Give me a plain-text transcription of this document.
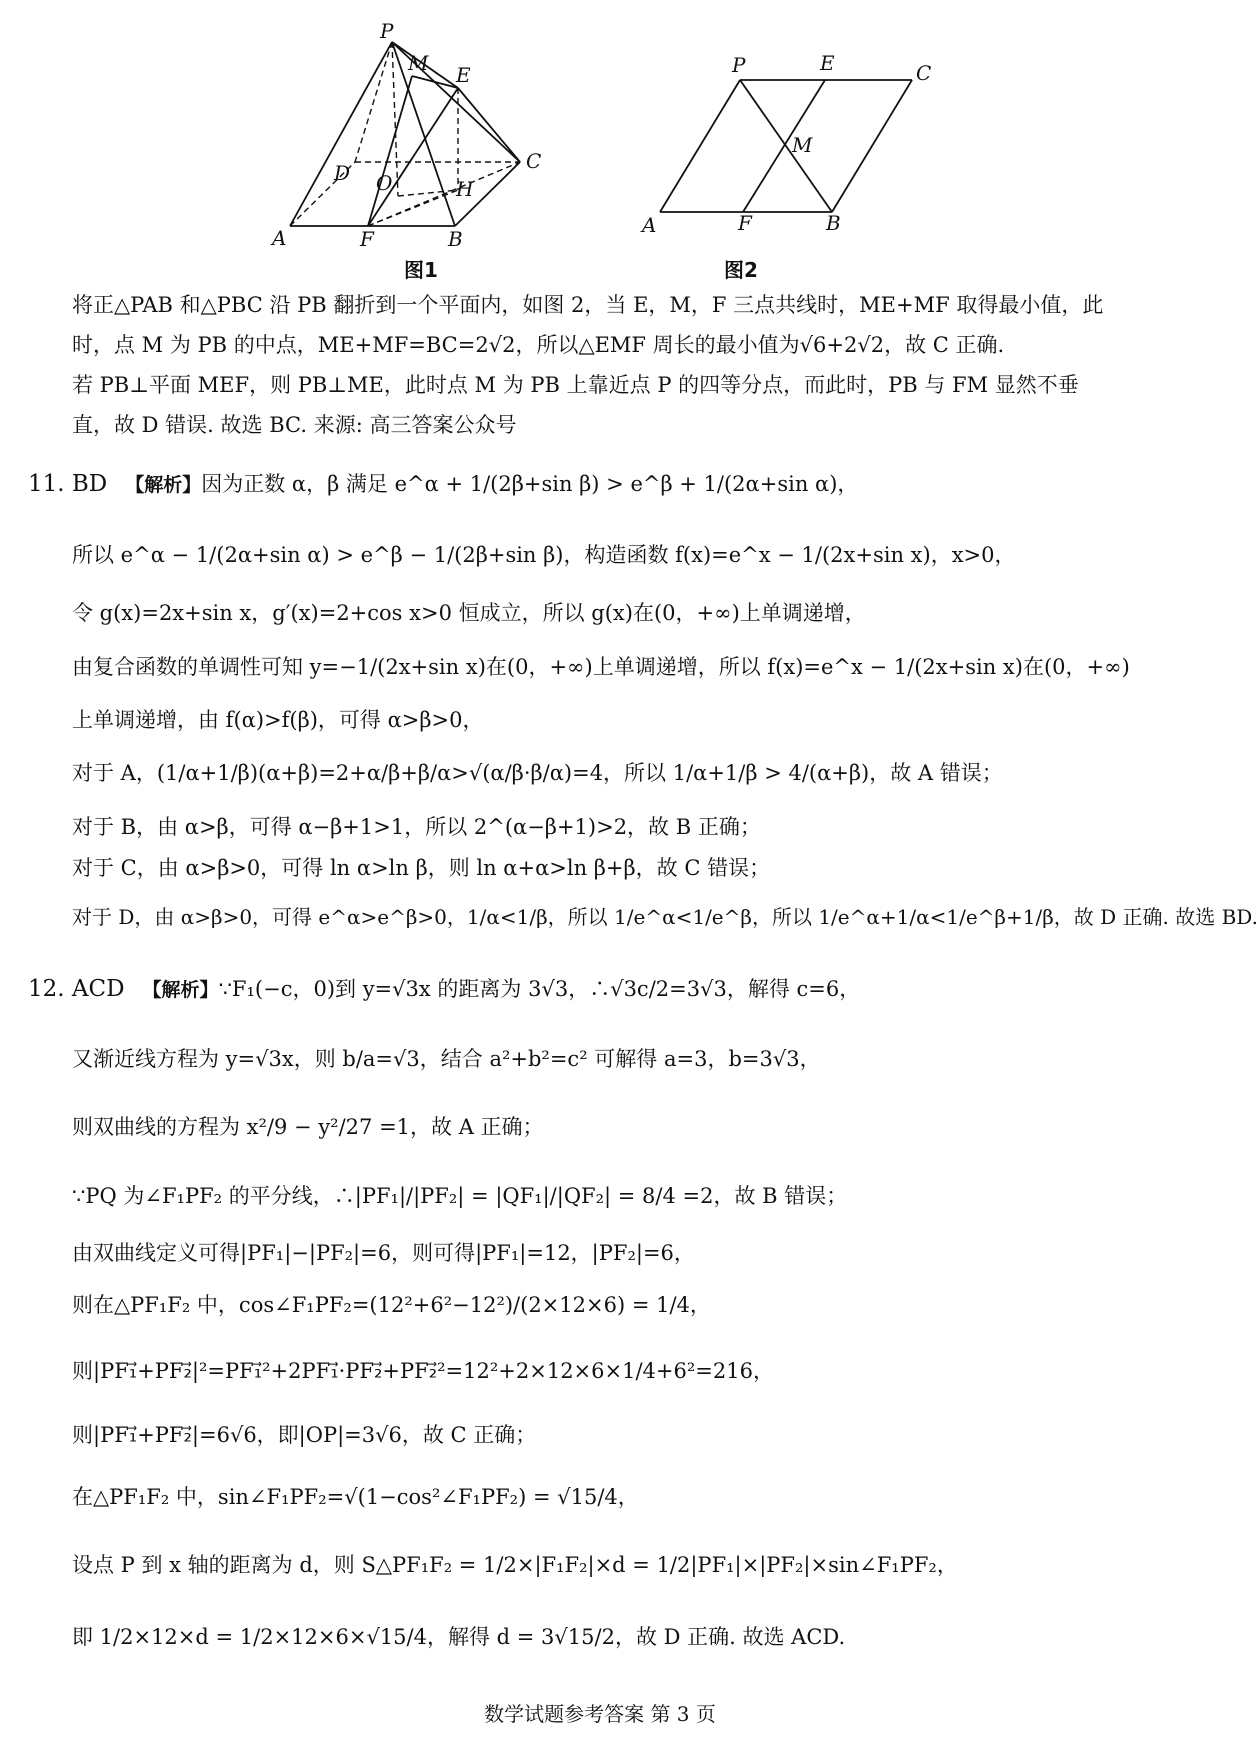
P
M E
C
D O	H
A	F	B
图1
P	E	C
M
A	F	B
图2
将正△PAB 和△PBC 沿 PB 翻折到一个平面内，如图 2，当 E，M，F 三点共线时，ME+MF 取得最小值，此
时，点 M 为 PB 的中点，ME+MF=BC=2√2，所以△EMF 周长的最小值为√6+2√2，故 C 正确.
若 PB⊥平面 MEF，则 PB⊥ME，此时点 M 为 PB 上靠近点 P 的四等分点，而此时，PB 与 FM 显然不垂
直，故 D 错误. 故选 BC. 来源: 高三答案公众号
11. BD 【解析】因为正数 α，β 满足 e^α + 1/(2β+sin β) > e^β + 1/(2α+sin α)，
所以 e^α − 1/(2α+sin α) > e^β − 1/(2β+sin β)，构造函数 f(x)=e^x − 1/(2x+sin x)，x>0，
令 g(x)=2x+sin x，g′(x)=2+cos x>0 恒成立，所以 g(x)在(0，+∞)上单调递增，
由复合函数的单调性可知 y=−1/(2x+sin x)在(0，+∞)上单调递增，所以 f(x)=e^x − 1/(2x+sin x)在(0，+∞)
上单调递增，由 f(α)>f(β)，可得 α>β>0，
对于 A，(1/α+1/β)(α+β)=2+α/β+β/α>√(α/β·β/α)=4，所以 1/α+1/β > 4/(α+β)，故 A 错误；
对于 B，由 α>β，可得 α−β+1>1，所以 2^(α−β+1)>2，故 B 正确；
对于 C，由 α>β>0，可得 ln α>ln β，则 ln α+α>ln β+β，故 C 错误；
对于 D，由 α>β>0，可得 e^α>e^β>0，1/α<1/β，所以 1/e^α<1/e^β，所以 1/e^α+1/α<1/e^β+1/β，故 D 正确. 故选 BD.
12. ACD 【解析】∵F₁(−c，0)到 y=√3x 的距离为 3√3，∴√3c/2=3√3，解得 c=6，
又渐近线方程为 y=√3x，则 b/a=√3，结合 a²+b²=c² 可解得 a=3，b=3√3，
则双曲线的方程为 x²/9 − y²/27 =1，故 A 正确；
∵PQ 为∠F₁PF₂ 的平分线，∴|PF₁|/|PF₂| = |QF₁|/|QF₂| = 8/4 =2，故 B 错误；
由双曲线定义可得|PF₁|−|PF₂|=6，则可得|PF₁|=12，|PF₂|=6，
则在△PF₁F₂ 中，cos∠F₁PF₂=(12²+6²−12²)/(2×12×6) = 1/4，
则|PF₁⃗+PF₂⃗|²=PF₁⃗²+2PF₁⃗·PF₂⃗+PF₂⃗²=12²+2×12×6×1/4+6²=216，
则|PF₁⃗+PF₂⃗|=6√6，即|OP|=3√6，故 C 正确；
在△PF₁F₂ 中，sin∠F₁PF₂=√(1−cos²∠F₁PF₂) = √15/4，
设点 P 到 x 轴的距离为 d，则 S△PF₁F₂ = 1/2×|F₁F₂|×d = 1/2|PF₁|×|PF₂|×sin∠F₁PF₂，
即 1/2×12×d = 1/2×12×6×√15/4，解得 d = 3√15/2，故 D 正确. 故选 ACD.
数学试题参考答案 第 3 页
